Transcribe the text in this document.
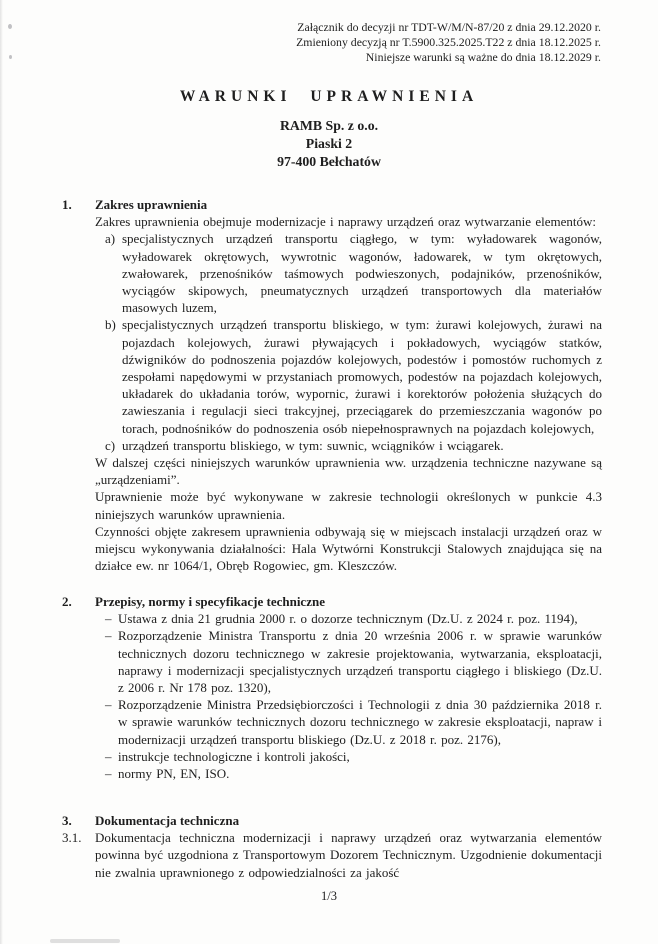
Załącznik do decyzji nr TDT-W/M/N-87/20 z dnia 29.12.2020 r.
Zmieniony decyzją nr T.5900.325.2025.T22 z dnia 18.12.2025 r.
Niniejsze warunki są ważne do dnia 18.12.2029 r.
WARUNKI UPRAWNIENIA
RAMB Sp. z o.o.
Piaski 2
97-400 Bełchatów
1.	Zakres uprawnienia

Zakres uprawnienia obejmuje modernizacje i naprawy urządzeń oraz wytwarzanie elementów:

a) specjalistycznych urządzeń transportu ciągłego, w tym: wyładowarek wagonów, wyładowarek okrętowych, wywrotnic wagonów, ładowarek, w tym okrętowych, zwałowarek, przenośników taśmowych podwieszonych, podajników, przenośników, wyciągów skipowych, pneumatycznych urządzeń transportowych dla materiałów masowych luzem,
b) specjalistycznych urządzeń transportu bliskiego, w tym: żurawi kolejowych, żurawi na pojazdach kolejowych, żurawi pływających i pokładowych, wyciągów statków, dźwigników do podnoszenia pojazdów kolejowych, podestów i pomostów ruchomych z zespołami napędowymi w przystaniach promowych, podestów na pojazdach kolejowych, układarek do układania torów, wypornic, żurawi i korektorów położenia służących do zawieszania i regulacji sieci trakcyjnej, przeciągarek do przemieszczania wagonów po torach, podnośników do podnoszenia osób niepełnosprawnych na pojazdach kolejowych,
c) urządzeń transportu bliskiego, w tym: suwnic, wciągników i wciągarek.

W dalszej części niniejszych warunków uprawnienia ww. urządzenia techniczne nazywane są „urządzeniami”.

Uprawnienie może być wykonywane w zakresie technologii określonych w punkcie 4.3 niniejszych warunków uprawnienia.

Czynności objęte zakresem uprawnienia odbywają się w miejscach instalacji urządzeń oraz w miejscu wykonywania działalności: Hala Wytwórni Konstrukcji Stalowych znajdująca się na działce ew. nr 1064/1, Obręb Rogowiec, gm. Kleszczów.

2.	Przepisy, normy i specyfikacje techniczne
– Ustawa z dnia 21 grudnia 2000 r. o dozorze technicznym (Dz.U. z 2024 r. poz. 1194),
– Rozporządzenie Ministra Transportu z dnia 20 września 2006 r. w sprawie warunków technicznych dozoru technicznego w zakresie projektowania, wytwarzania, eksploatacji, naprawy i modernizacji specjalistycznych urządzeń transportu ciągłego i bliskiego (Dz.U. z 2006 r. Nr 178 poz. 1320),
– Rozporządzenie Ministra Przedsiębiorczości i Technologii z dnia 30 października 2018 r. w sprawie warunków technicznych dozoru technicznego w zakresie eksploatacji, napraw i modernizacji urządzeń transportu bliskiego (Dz.U. z 2018 r. poz. 2176),
– instrukcje technologiczne i kontroli jakości,
– normy PN, EN, ISO.
3.	Dokumentacja techniczna
3.1.	Dokumentacja techniczna modernizacji i naprawy urządzeń oraz wytwarzania elementów powinna być uzgodniona z Transportowym Dozorem Technicznym. Uzgodnienie dokumentacji nie zwalnia uprawnionego z odpowiedzialności za jakość
1/3
